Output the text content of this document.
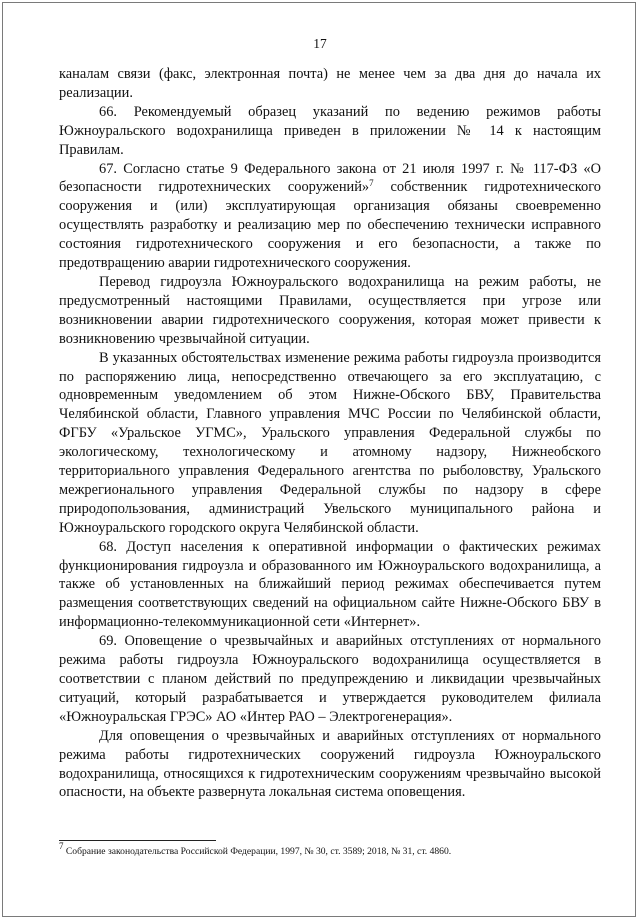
17

каналам связи (факс, электронная почта) не менее чем за два дня до начала их реализации.

66. Рекомендуемый образец указаний по ведению режимов работы Южноуральского водохранилища приведен в приложении № 14 к настоящим Правилам.

67. Согласно статье 9 Федерального закона от 21 июля 1997 г. № 117-ФЗ «О безопасности гидротехнических сооружений»$^7$ собственник гидротехнического сооружения и (или) эксплуатирующая организация обязаны своевременно осуществлять разработку и реализацию мер по обеспечению технически исправного состояния гидротехнического сооружения и его безопасности, а также по предотвращению аварии гидротехнического сооружения.

Перевод гидроузла Южноуральского водохранилища на режим работы, не предусмотренный настоящими Правилами, осуществляется при угрозе или возникновении аварии гидротехнического сооружения, которая может привести к возникновению чрезвычайной ситуации.

В указанных обстоятельствах изменение режима работы гидроузла производится по распоряжению лица, непосредственно отвечающего за его эксплуатацию, с одновременным уведомлением об этом Нижне-Обского БВУ, Правительства Челябинской области, Главного управления МЧС России по Челябинской области, ФГБУ «Уральское УГМС», Уральского управления Федеральной службы по экологическому, технологическому и атомному надзору, Нижнеобского территориального управления Федерального агентства по рыболовству, Уральского межрегионального управления Федеральной службы по надзору в сфере природопользования, администраций Увельского муниципального района и Южноуральского городского округа Челябинской области.

68. Доступ населения к оперативной информации о фактических режимах функционирования гидроузла и образованного им Южноуральского водохранилища, а также об установленных на ближайший период режимах обеспечивается путем размещения соответствующих сведений на официальном сайте Нижне-Обского БВУ в информационно-телекоммуникационной сети «Интернет».

69. Оповещение о чрезвычайных и аварийных отступлениях от нормального режима работы гидроузла Южноуральского водохранилища осуществляется в соответствии с планом действий по предупреждению и ликвидации чрезвычайных ситуаций, который разрабатывается и утверждается руководителем филиала «Южноуральская ГРЭС» АО «Интер РАО – Электрогенерация».

Для оповещения о чрезвычайных и аварийных отступлениях от нормального режима работы гидротехнических сооружений гидроузла Южноуральского водохранилища, относящихся к гидротехническим сооружениям чрезвычайно высокой опасности, на объекте развернута локальная система оповещения.

$^7$ Собрание законодательства Российской Федерации, 1997, № 30, ст. 3589; 2018, № 31, ст. 4860.
